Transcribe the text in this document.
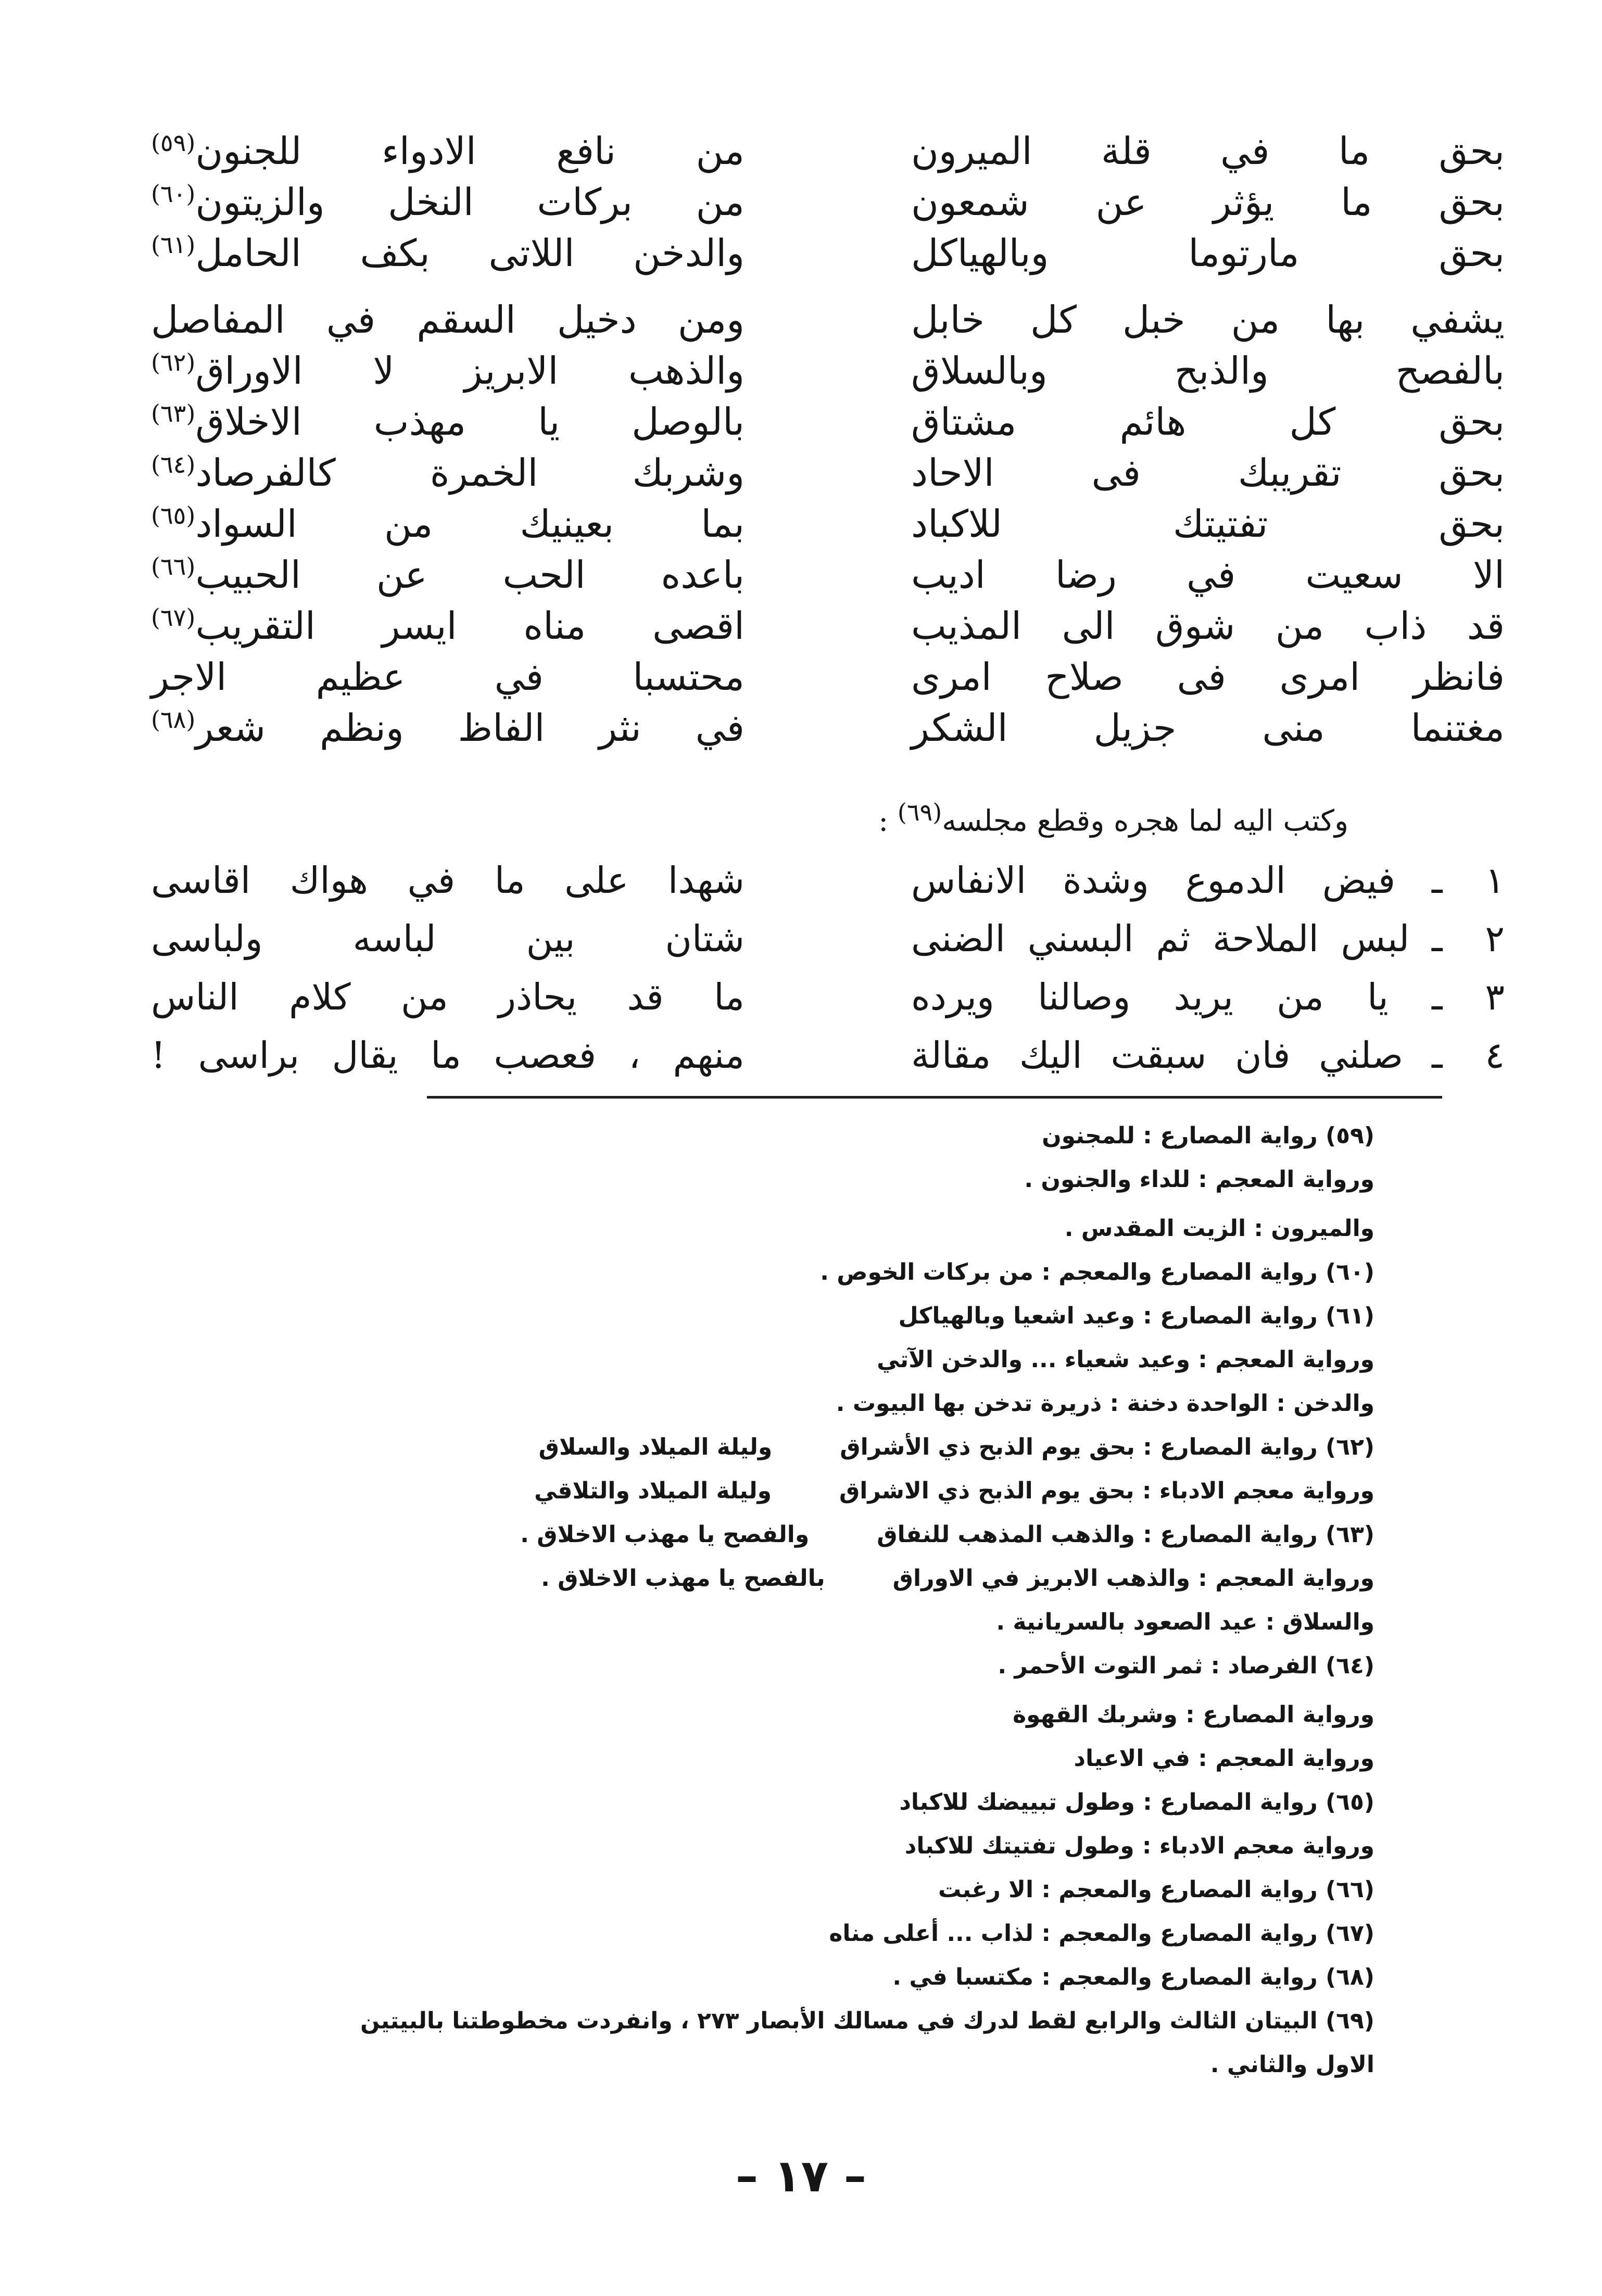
بحق ما في قلة الميرون
من نافع الادواء للجنون$^{(٥٩)}$
بحق ما يؤثر عن شمعون
من بركات النخل والزيتون$^{(٦٠)}$
بحق مارتوما وبالهياكل
والدخن اللاتى بكف الحامل$^{(٦١)}$
يشفي بها من خبل كل خابل
ومن دخيل السقم في المفاصل
بالفصح والذبح وبالسلاق
والذهب الابريز لا الاوراق$^{(٦٢)}$
بحق كل هائم مشتاق
بالوصل يا مهذب الاخلاق$^{(٦٣)}$
بحق تقريبك فى الاحاد
وشربك الخمرة كالفرصاد$^{(٦٤)}$
بحق تفتيتك للاكباد
بما بعينيك من السواد$^{(٦٥)}$
الا سعيت في رضا اديب
باعده الحب عن الحبيب$^{(٦٦)}$
قد ذاب من شوق الى المذيب
اقصى مناه ايسر التقريب$^{(٦٧)}$
فانظر امرى فى صلاح امرى
محتسبا في عظيم الاجر
مغتنما منى جزيل الشكر
في نثر الفاظ ونظم شعر$^{(٦٨)}$
وكتب اليه لما هجره وقطع مجلسه$^{(٦٩)}$ :
١ ـ فيض الدموع وشدة الانفاس
شهدا على ما في هواك اقاسى
٢ ـ لبس الملاحة ثم البسني الضنى
شتان بين لباسه ولباسى
٣ ـ يا من يريد وصالنا ويرده
ما قد يحاذر من كلام الناس
٤ ـ صلني فان سبقت اليك مقالة
منهم ، فعصب ما يقال براسى !
(٥٩) رواية المصارع : للمجنون
ورواية المعجم : للداء والجنون .
والميرون : الزيت المقدس .
(٦٠) رواية المصارع والمعجم : من بركات الخوص .
(٦١) رواية المصارع : وعيد اشعيا وبالهياكل
ورواية المعجم : وعيد شعياء ... والدخن الآتي
والدخن : الواحدة دخنة : ذريرة تدخن بها البيوت .
(٦٢) رواية المصارع : بحق يوم الذبح ذي الأشراقوليلة الميلاد والسلاق
ورواية معجم الادباء : بحق يوم الذبح ذي الاشراقوليلة الميلاد والتلاقي
(٦٣) رواية المصارع : والذهب المذهب للنفاقوالفصح يا مهذب الاخلاق .
ورواية المعجم : والذهب الابريز في الاوراقبالفصح يا مهذب الاخلاق .
والسلاق : عيد الصعود بالسريانية .
(٦٤) الفرصاد : ثمر التوت الأحمر .
ورواية المصارع : وشربك القهوة
ورواية المعجم : في الاعياد
(٦٥) رواية المصارع : وطول تبييضك للاكباد
ورواية معجم الادباء : وطول تفتيتك للاكباد
(٦٦) رواية المصارع والمعجم : الا رغبت
(٦٧) رواية المصارع والمعجم : لذاب ... أعلى مناه
(٦٨) رواية المصارع والمعجم : مكتسبا في .
(٦٩) البيتان الثالث والرابع لقط لدرك في مسالك الأبصار ٢٧٣ ، وانفردت مخطوطتنا بالبيتين
الاول والثاني .
– ١٧ –
